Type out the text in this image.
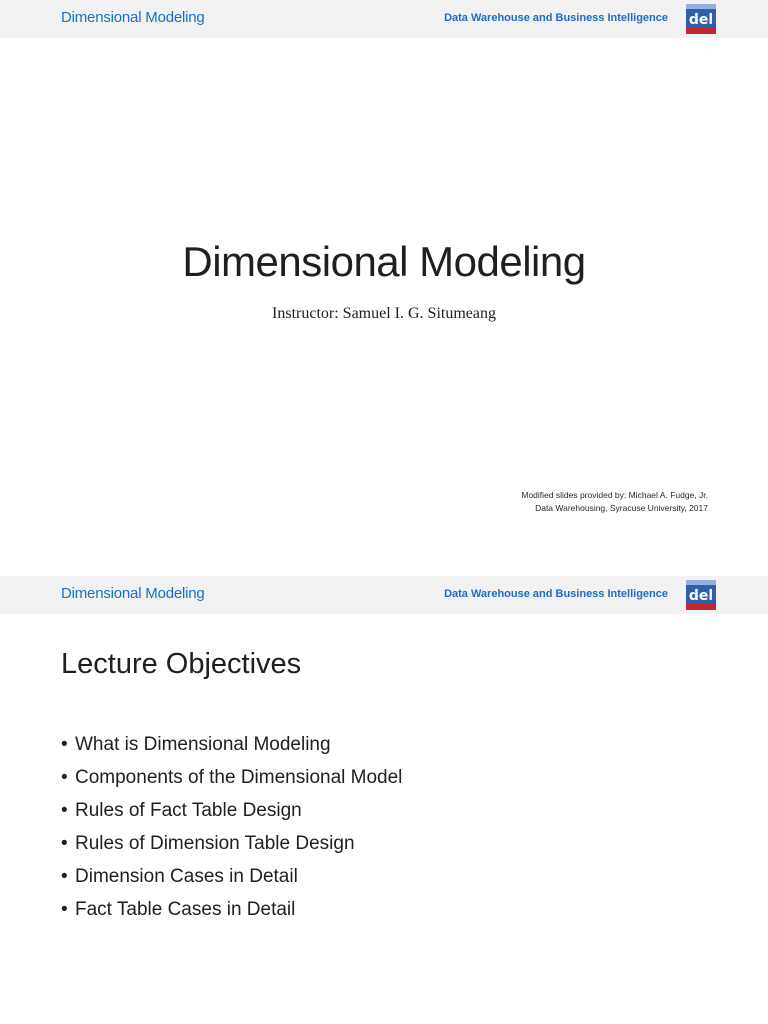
Dimensional Modeling	Data Warehouse and Business Intelligence del
Dimensional Modeling
Instructor: Samuel I. G. Situmeang
Modified slides provided by: Michael A. Fudge, Jr.
Data Warehousing, Syracuse University, 2017
Dimensional Modeling	Data Warehouse and Business Intelligence del
Lecture Objectives
• What is Dimensional Modeling
• Components of the Dimensional Model
• Rules of Fact Table Design
• Rules of Dimension Table Design
• Dimension Cases in Detail
• Fact Table Cases in Detail
